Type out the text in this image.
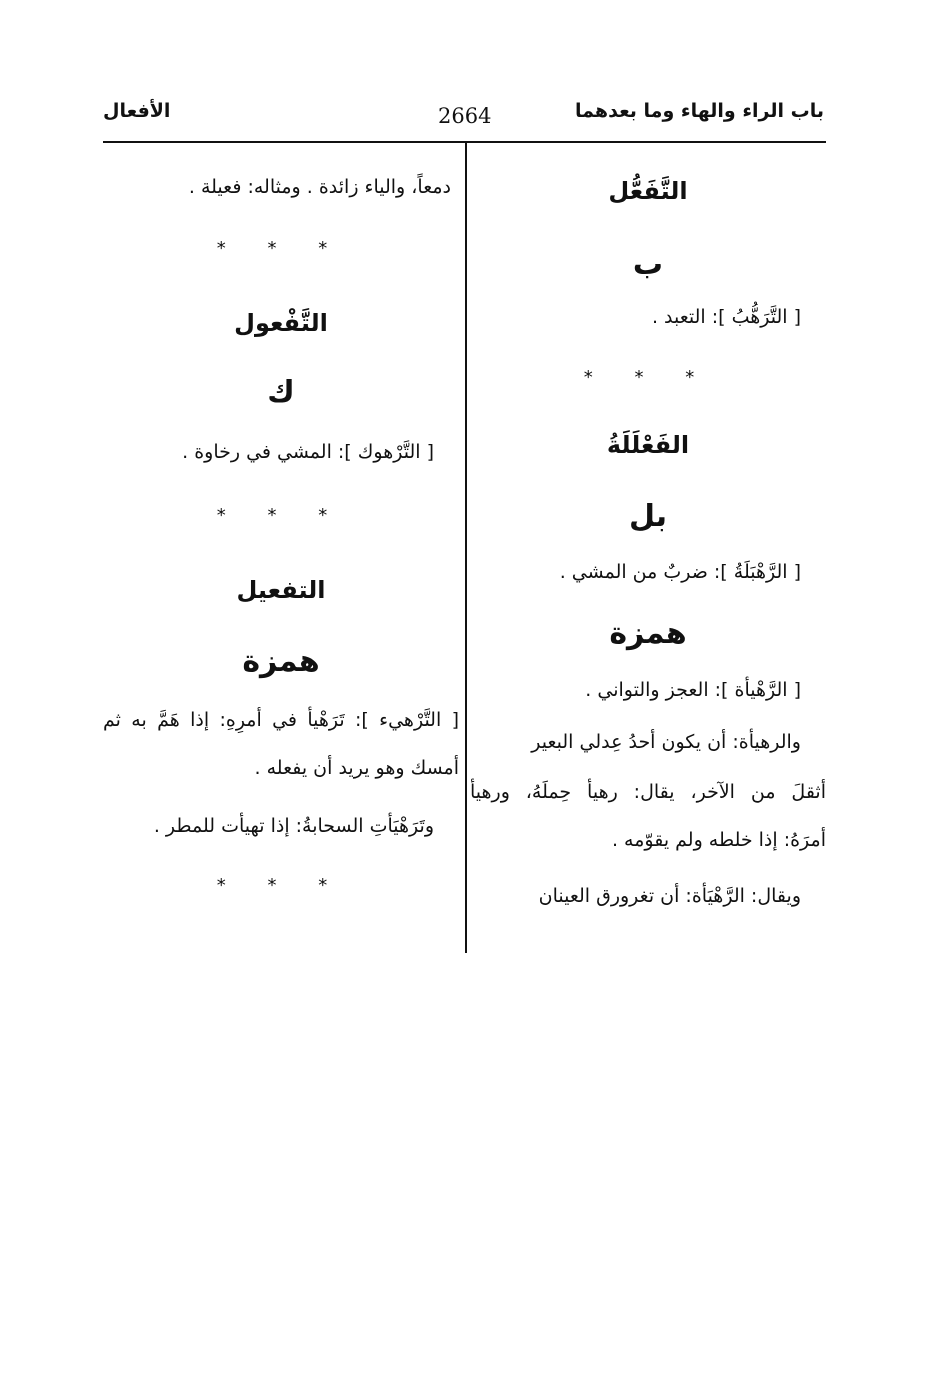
باب الراء والهاء وما بعدهما
2664
الأفعال
التَّفَعُّل
ب
[ التَّرَهُّبُ ]: التعبد .
* * *
الفَعْلَلَةُ
بل
[ الرَّهْبَلَةُ ]: ضربٌ من المشي .
همزة
[ الرَّهْيأة ]: العجز والتواني .
والرهيأة: أن يكون أحدُ عِدلي البعير
أثقلَ من الآخر، يقال: رهيأ حِملَهُ، ورهيأ
أمرَهُ: إذا خلطه ولم يقوّمه .
ويقال: الرَّهْيَأة: أن تغرورق العينان
دمعاً، والياء زائدة . ومثاله: فعيلة .
* * *
التَّفْعول
ك
[ التَّرْهوك ]: المشي في رخاوة .
* * *
التفعيل
همزة
[ التَّرْهيء ]: تَرَهْيأ في أمرِهِ: إذا هَمَّ به ثم
أمسك وهو يريد أن يفعله .
وتَرَهْيَأتِ السحابةُ: إذا تهيأت للمطر .
* * *
